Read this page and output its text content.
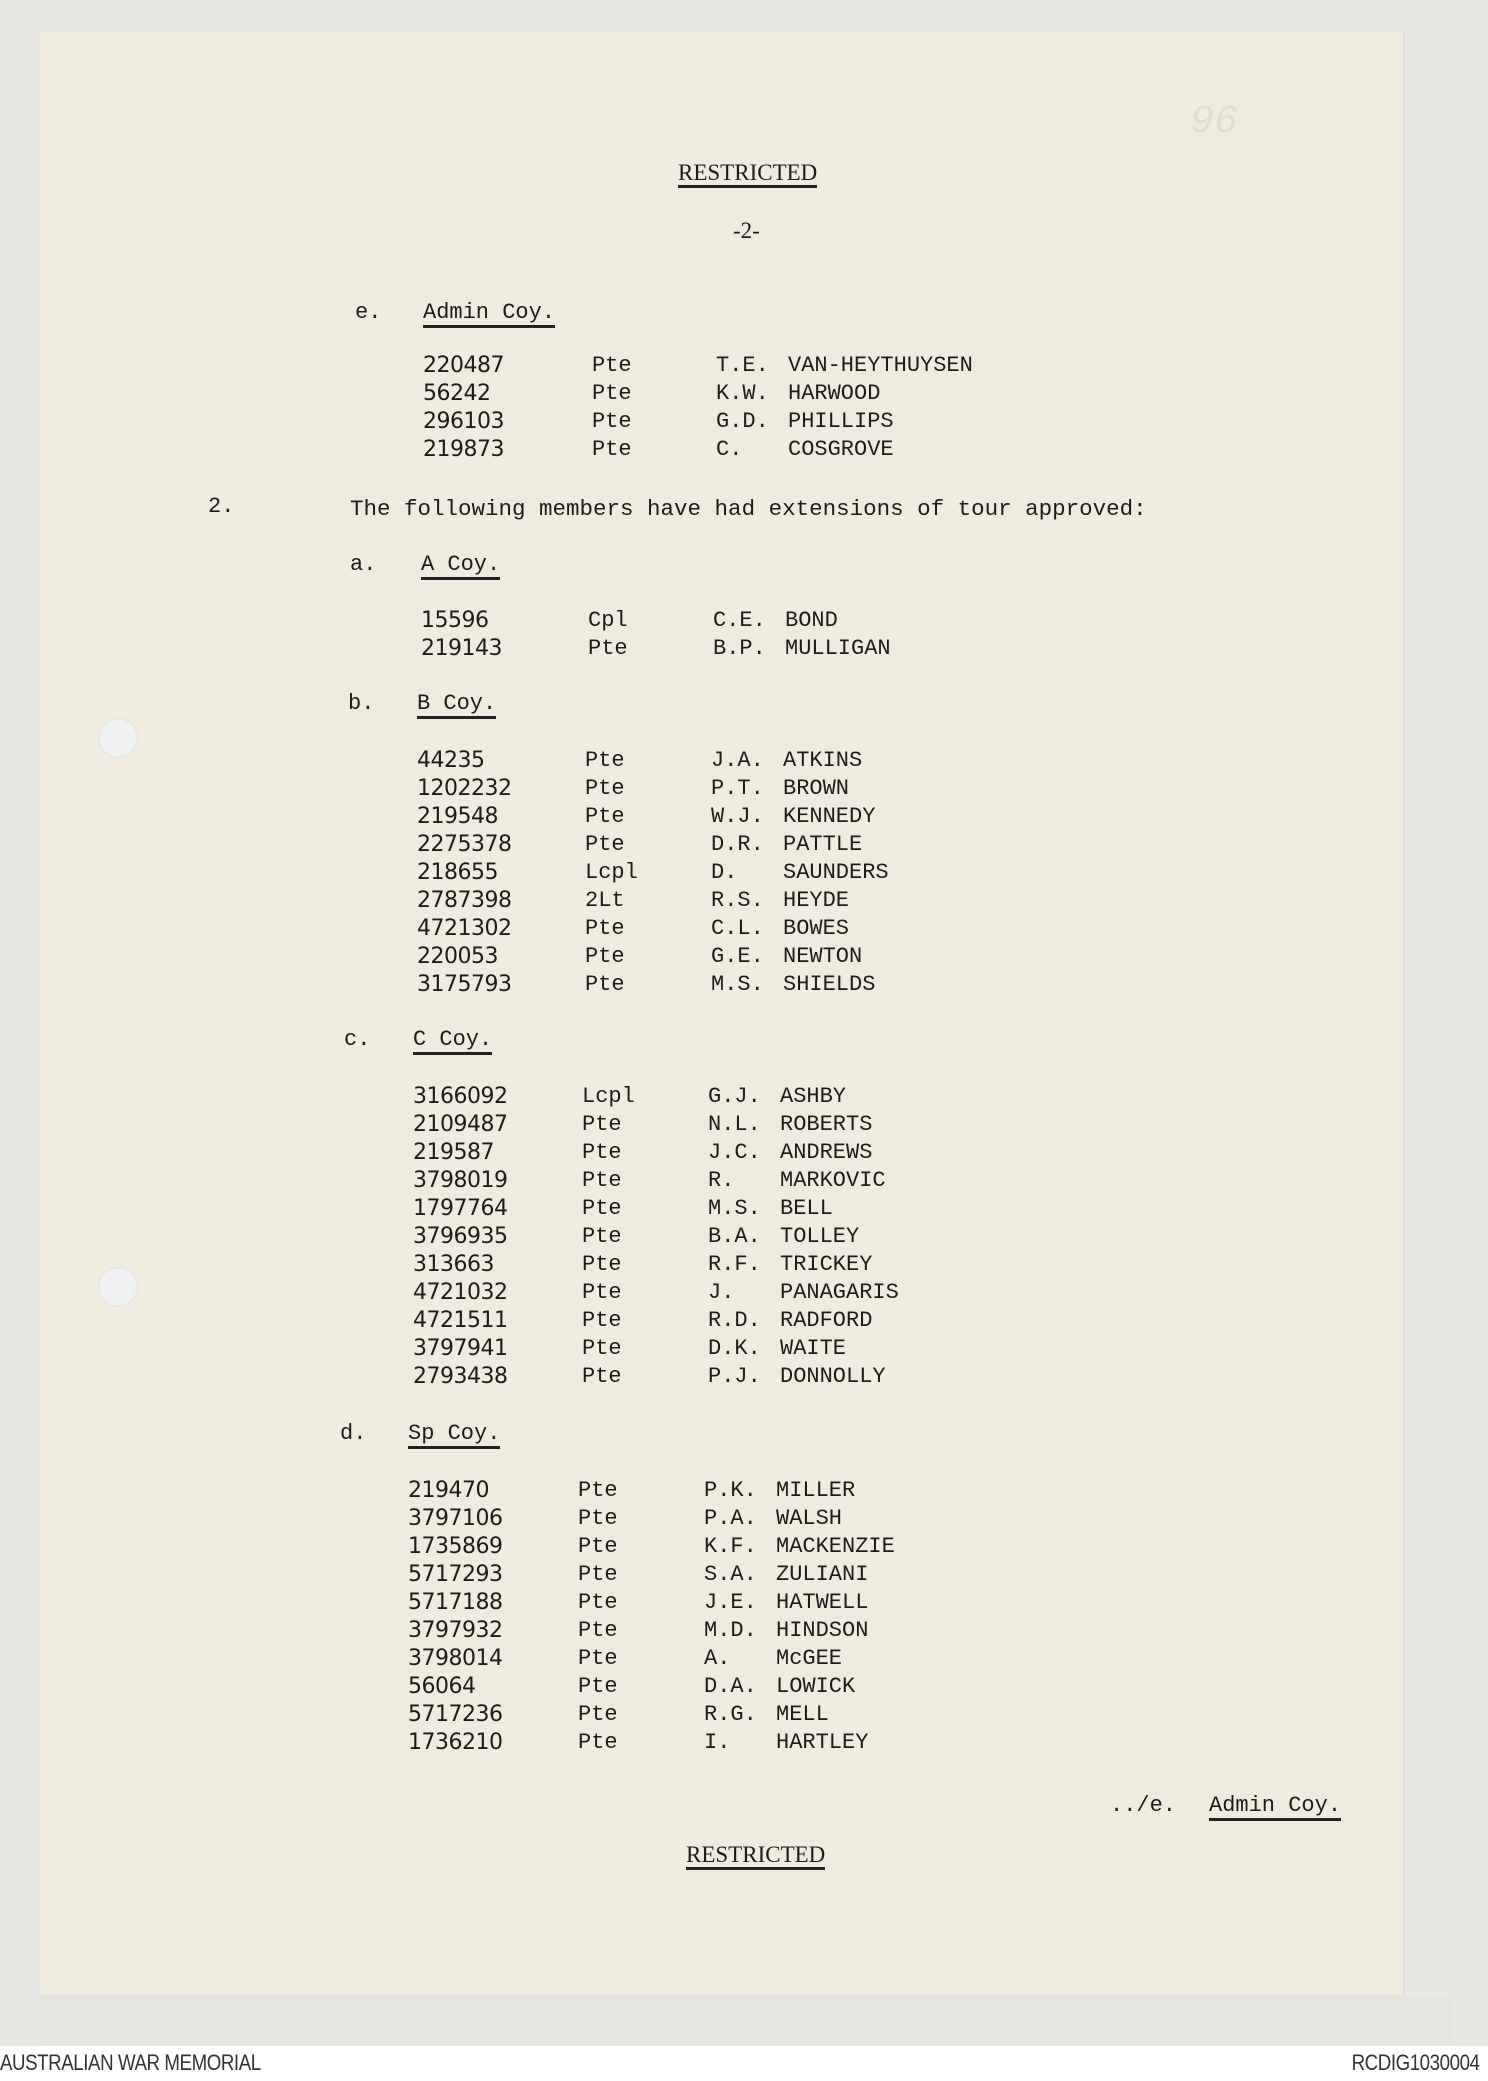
96
RESTRICTED
-2-
e. Admin Coy.
220487	Pte	T.E. VAN-HEYTHUYSEN
56242	Pte	K.W. HARWOOD
296103	Pte	G.D. PHILLIPS
219873	Pte	C. COSGROVE
2.	The following members have had extensions of tour approved:
a. A Coy.
15596	Cpl	C.E. BOND
219143	Pte	B.P. MULLIGAN
b. B Coy.
44235	Pte	J.A. ATKINS
1202232	Pte	P.T. BROWN
219548	Pte	W.J. KENNEDY
2275378	Pte	D.R. PATTLE
218655	Lcpl	D. SAUNDERS
2787398	2Lt	R.S. HEYDE
4721302	Pte	C.L. BOWES
220053	Pte	G.E. NEWTON
3175793	Pte	M.S. SHIELDS
c. C Coy.
3166092	Lcpl	G.J. ASHBY
2109487	Pte	N.L. ROBERTS
219587	Pte	J.C. ANDREWS
3798019	Pte	R. MARKOVIC
1797764	Pte	M.S. BELL
3796935	Pte	B.A. TOLLEY
313663	Pte	R.F. TRICKEY
4721032	Pte	J. PANAGARIS
4721511	Pte	R.D. RADFORD
3797941	Pte	D.K. WAITE
2793438	Pte	P.J. DONNOLLY
d. Sp Coy.
219470	Pte	P.K. MILLER
3797106	Pte	P.A. WALSH
1735869	Pte	K.F. MACKENZIE
5717293	Pte	S.A. ZULIANI
5717188	Pte	J.E. HATWELL
3797932	Pte	M.D. HINDSON
3798014	Pte	A. McGEE
56064	Pte	D.A. LOWICK
5717236	Pte	R.G. MELL
1736210	Pte	I. HARTLEY
../e. Admin Coy.
RESTRICTED
AUSTRALIAN WAR MEMORIAL	RCDIG1030004
